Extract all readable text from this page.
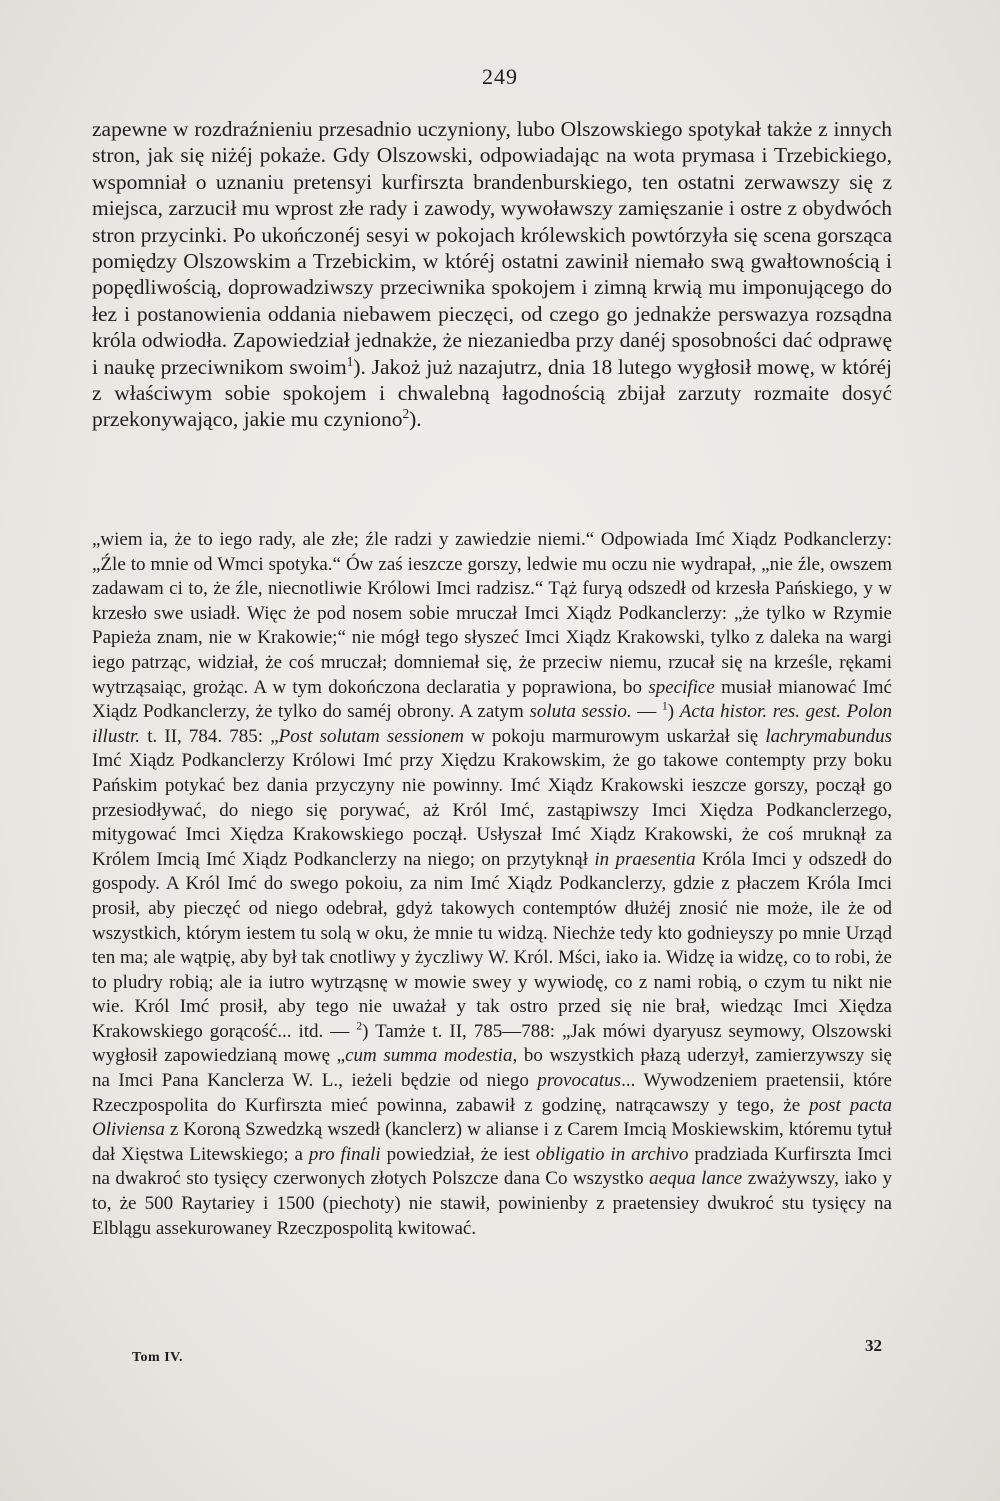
249

zapewne w rozdraźnieniu przesadnio uczyniony, lubo Olszowskiego spotykał także z innych stron, jak się niżéj pokaże. Gdy Olszowski, odpowiadając na wota prymasa i Trzebickiego, wspomniał o uznaniu pretensyi kurfirszta brandenburskiego, ten ostatni zerwawszy się z miejsca, zarzucił mu wprost złe rady i zawody, wywoławszy zamięszanie i ostre z obydwóch stron przycinki. Po ukończonéj sesyi w pokojach królewskich powtórzyła się scena gorsząca pomiędzy Olszowskim a Trzebickim, w któréj ostatni zawinił niemało swą gwałtownością i popędliwością, doprowadziwszy przeciwnika spokojem i zimną krwią mu imponującego do łez i postanowienia oddania niebawem pieczęci, od czego go jednakże perswazya rozsądna króla odwiodła. Zapowiedział jednakże, że niezaniedba przy danéj sposobności dać odprawę i naukę przeciwnikom swoim$^1$). Jakoż już nazajutrz, dnia 18 lutego wygłosił mowę, w któréj z właściwym sobie spokojem i chwalebną łagodnością zbijał zarzuty rozmaite dosyć przekonywająco, jakie mu czyniono$^2$).

„wiem ia, że to iego rady, ale złe; źle radzi y zawiedzie niemi.“ Odpowiada Imć Xiądz Podkanclerzy: „Źle to mnie od Wmci spotyka.“ Ów zaś ieszcze gorszy, ledwie mu oczu nie wydrapał, „nie źle, owszem zadawam ci to, że źle, niecnotliwie Królowi Imci radzisz.“ Tąż furyą odszedł od krzesła Pańskiego, y w krzesło swe usiadł. Więc że pod nosem sobie mruczał Imci Xiądz Podkanclerzy: „że tylko w Rzymie Papieża znam, nie w Krakowie;“ nie mógł tego słyszeć Imci Xiądz Krakowski, tylko z daleka na wargi iego patrząc, widział, że coś mruczał; domniemał się, że przeciw niemu, rzucał się na krześle, rękami wytrząsaiąc, grożąc. A w tym dokończona declaratia y poprawiona, bo specifice musiał mianować Imć Xiądz Podkanclerzy, że tylko do saméj obrony. A zatym soluta sessio. — $^1$) Acta histor. res. gest. Polon illustr. t. II, 784. 785: „Post solutam sessionem w pokoju marmurowym uskarżał się lachrymabundus Imć Xiądz Podkanclerzy Królowi Imć przy Xiędzu Krakowskim, że go takowe contempty przy boku Pańskim potykać bez dania przyczyny nie powinny. Imć Xiądz Krakowski ieszcze gorszy, począł go przesiodływać, do niego się porywać, aż Król Imć, zastąpiwszy Imci Xiędza Podkanclerzego, mitygować Imci Xiędza Krakowskiego począł. Usłyszał Imć Xiądz Krakowski, że coś mruknął za Królem Imcią Imć Xiądz Podkanclerzy na niego; on przytyknął in praesentia Króla Imci y odszedł do gospody. A Król Imć do swego pokoiu, za nim Imć Xiądz Podkanclerzy, gdzie z płaczem Króla Imci prosił, aby pieczęć od niego odebrał, gdyż takowych contemptów dłużéj znosić nie może, ile że od wszystkich, którym iestem tu solą w oku, że mnie tu widzą. Niechże tedy kto godnieyszy po mnie Urząd ten ma; ale wątpię, aby był tak cnotliwy y życzliwy W. Król. Mści, iako ia. Widzę ia widzę, co to robi, że to pludry robią; ale ia iutro wytrząsnę w mowie swey y wywiodę, co z nami robią, o czym tu nikt nie wie. Król Imć prosił, aby tego nie uważał y tak ostro przed się nie brał, wiedząc Imci Xiędza Krakowskiego gorącość... itd. — $^2$) Tamże t. II, 785—788: „Jak mówi dyaryusz seymowy, Olszowski wygłosił zapowiedzianą mowę „cum summa modestia, bo wszystkich płazą uderzył, zamierzywszy się na Imci Pana Kanclerza W. L., ieżeli będzie od niego provocatus... Wywodzeniem praetensii, które Rzeczpospolita do Kurfirszta mieć powinna, zabawił z godzinę, natrącawszy y tego, że post pacta Oliviensa z Koroną Szwedzką wszedł (kanclerz) w alianse i z Carem Imcią Moskiewskim, któremu tytuł dał Xięstwa Litewskiego; a pro finali powiedział, że iest obligatio in archivo pradziada Kurfirszta Imci na dwakroć sto tysięcy czerwonych złotych Polszcze dana Co wszystko aequa lance zważywszy, iako y to, że 500 Raytariey i 1500 (piechoty) nie stawił, powinienby z praetensiey dwukroć stu tysięcy na Elblągu assekurowaney Rzeczpospolitą kwitować.

Tom IV.
32
